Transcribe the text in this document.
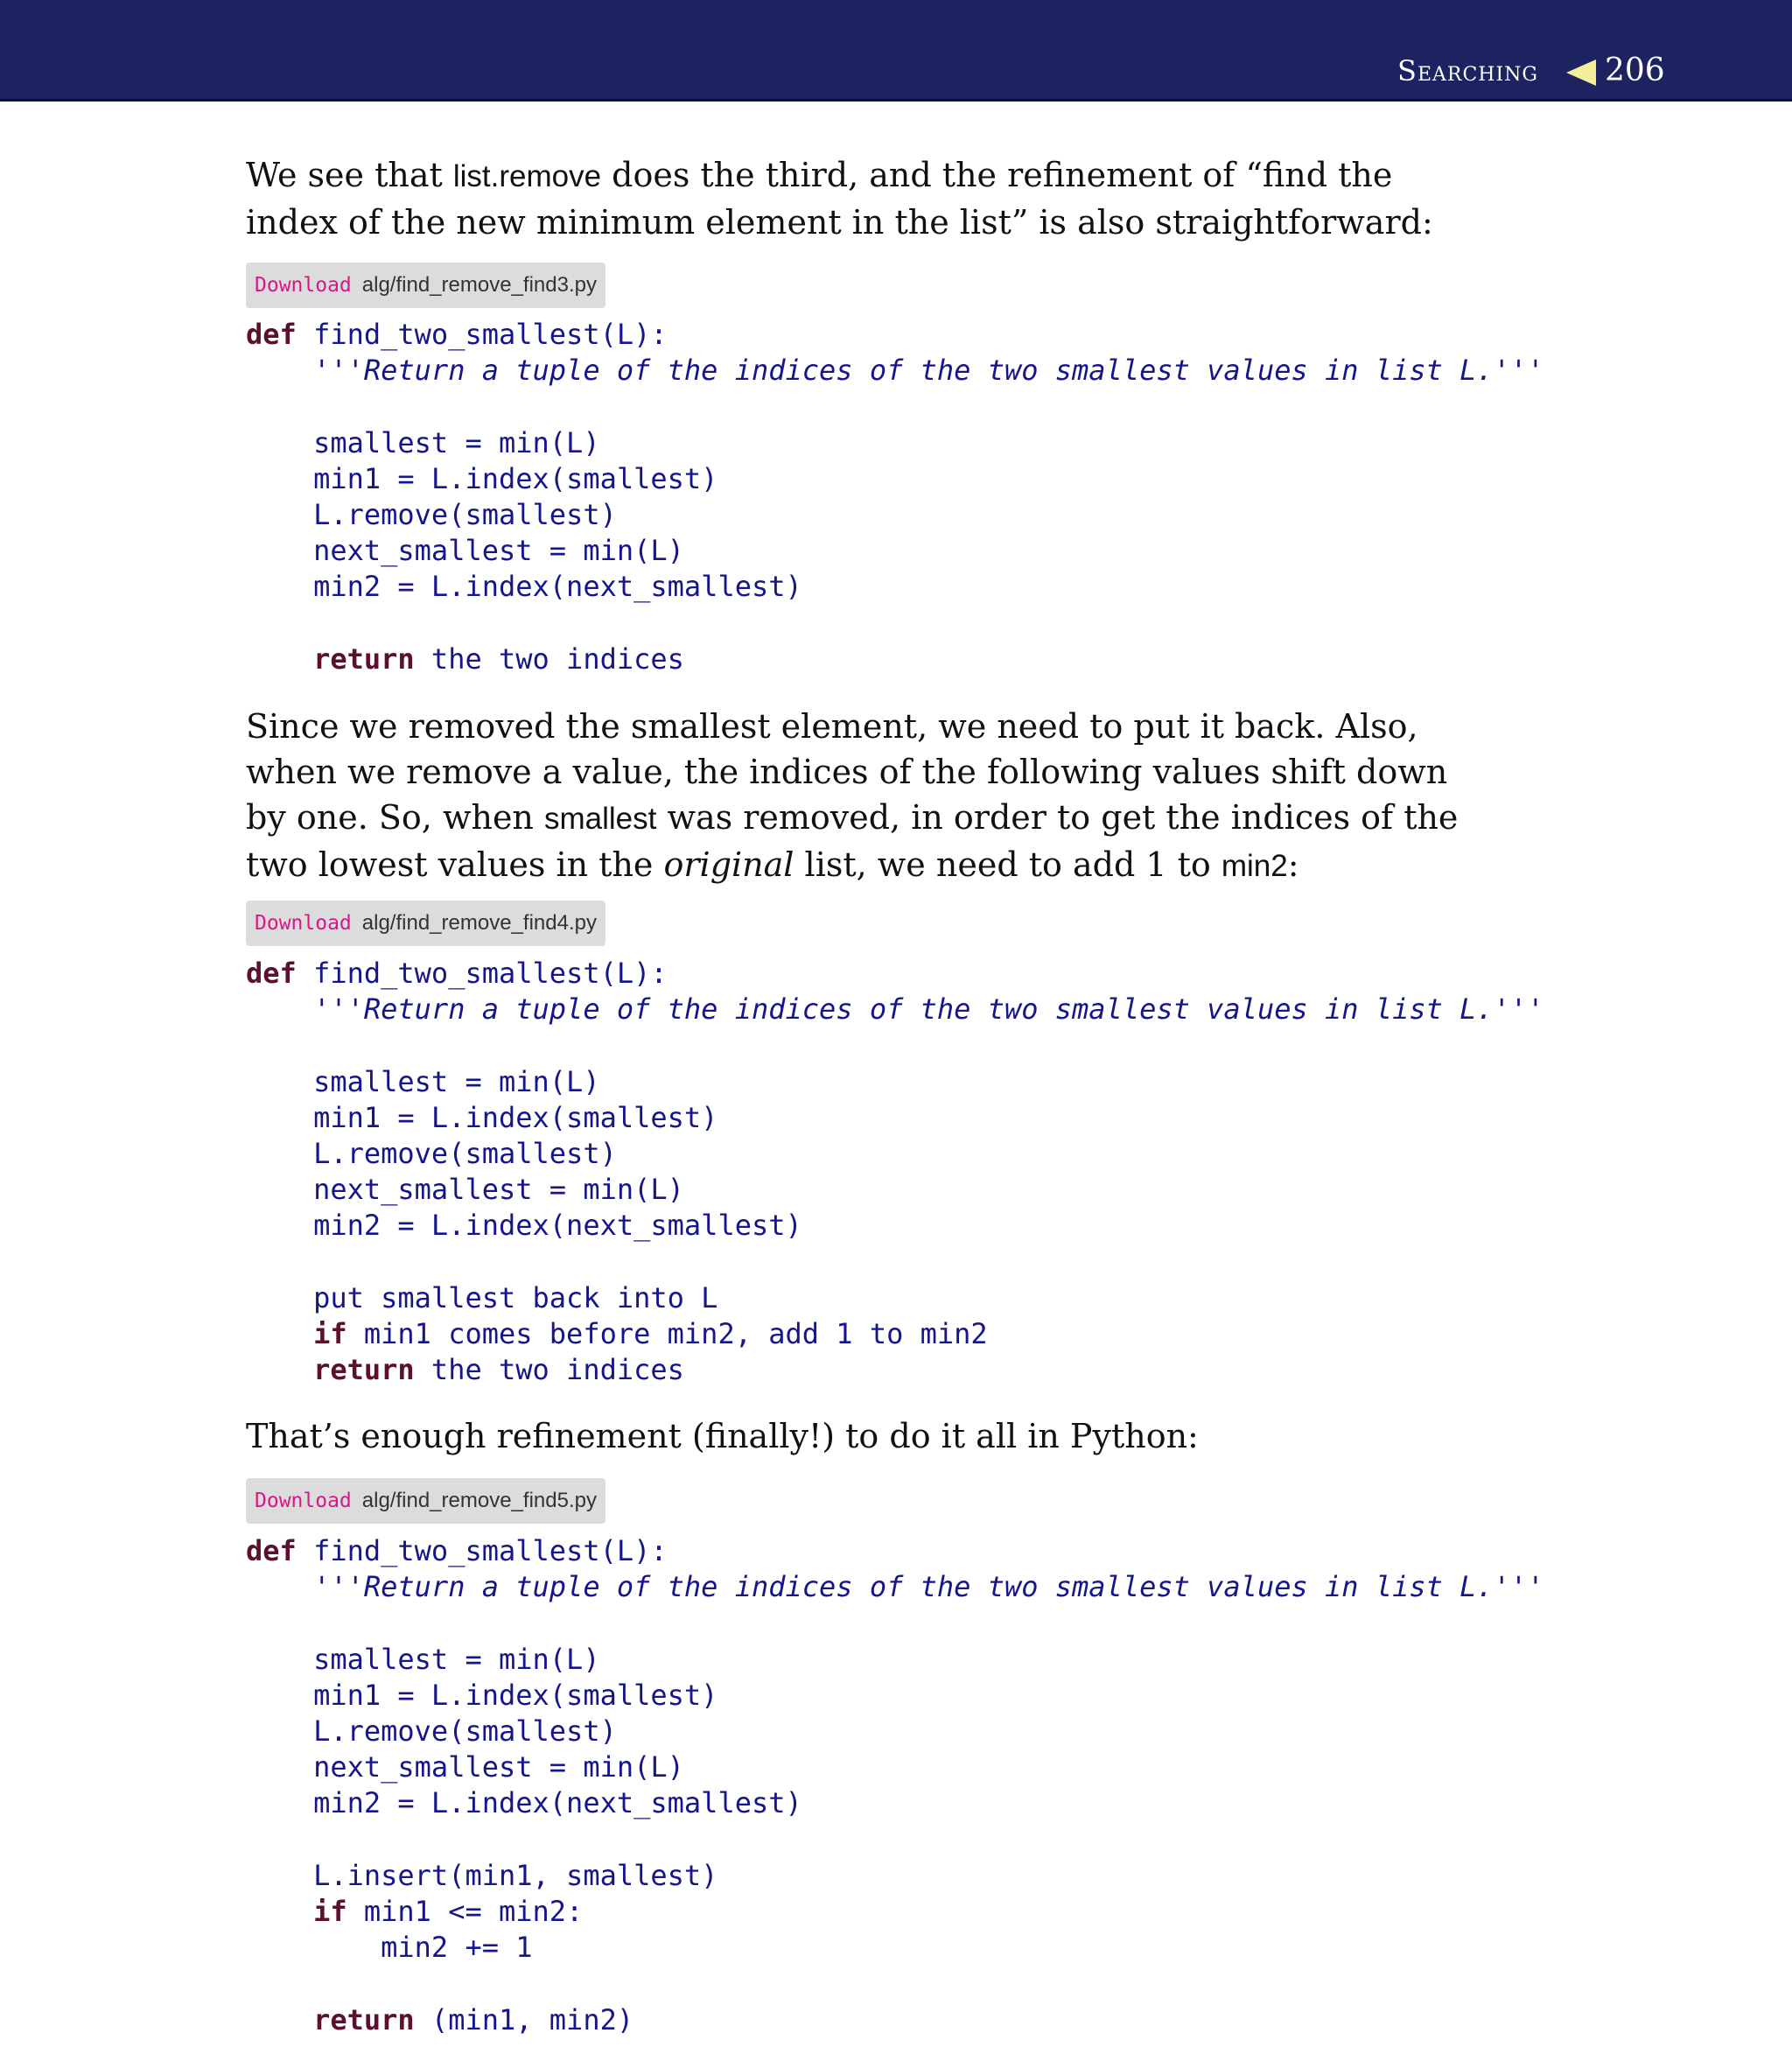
Searching 206
We see that list.remove does the third, and the refinement of “find the
index of the new minimum element in the list” is also straightforward:
Download alg/find_remove_find3.py
def find_two_smallest(L):
'''Return a tuple of the indices of the two smallest values in list L.'''

smallest = min(L)
min1 = L.index(smallest)
L.remove(smallest)
next_smallest = min(L)
min2 = L.index(next_smallest)

return the two indices
Since we removed the smallest element, we need to put it back. Also,
when we remove a value, the indices of the following values shift down
by one. So, when smallest was removed, in order to get the indices of the
two lowest values in the original list, we need to add 1 to min2:
Download alg/find_remove_find4.py
def find_two_smallest(L):
'''Return a tuple of the indices of the two smallest values in list L.'''

smallest = min(L)
min1 = L.index(smallest)
L.remove(smallest)
next_smallest = min(L)
min2 = L.index(next_smallest)

put smallest back into L
if min1 comes before min2, add 1 to min2
return the two indices
That’s enough refinement (finally!) to do it all in Python:
Download alg/find_remove_find5.py
def find_two_smallest(L):
'''Return a tuple of the indices of the two smallest values in list L.'''

smallest = min(L)
min1 = L.index(smallest)
L.remove(smallest)
next_smallest = min(L)
min2 = L.index(next_smallest)

L.insert(min1, smallest)
if min1 <= min2:
min2 += 1

return (min1, min2)
